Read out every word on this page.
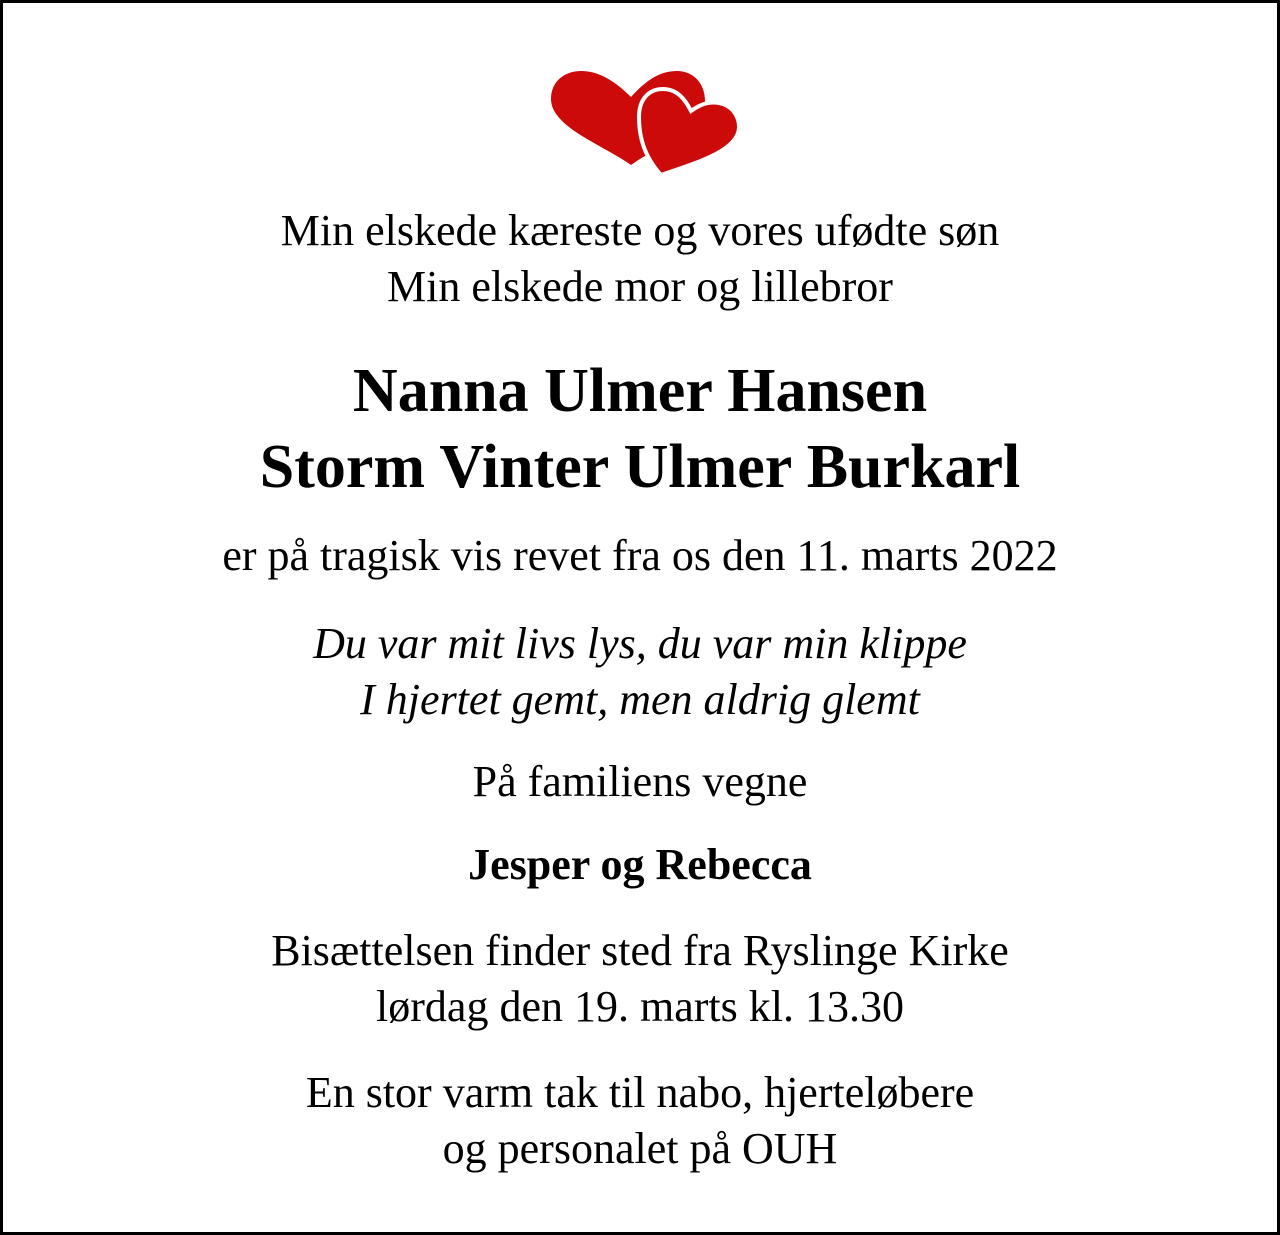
Min elskede kæreste og vores ufødte søn
Min elskede mor og lillebror

Nanna Ulmer Hansen
Storm Vinter Ulmer Burkarl

er på tragisk vis revet fra os den 11. marts 2022

Du var mit livs lys, du var min klippe
I hjertet gemt, men aldrig glemt

På familiens vegne

Jesper og Rebecca

Bisættelsen finder sted fra Ryslinge Kirke
lørdag den 19. marts kl. 13.30

En stor varm tak til nabo, hjerteløbere
og personalet på OUH
